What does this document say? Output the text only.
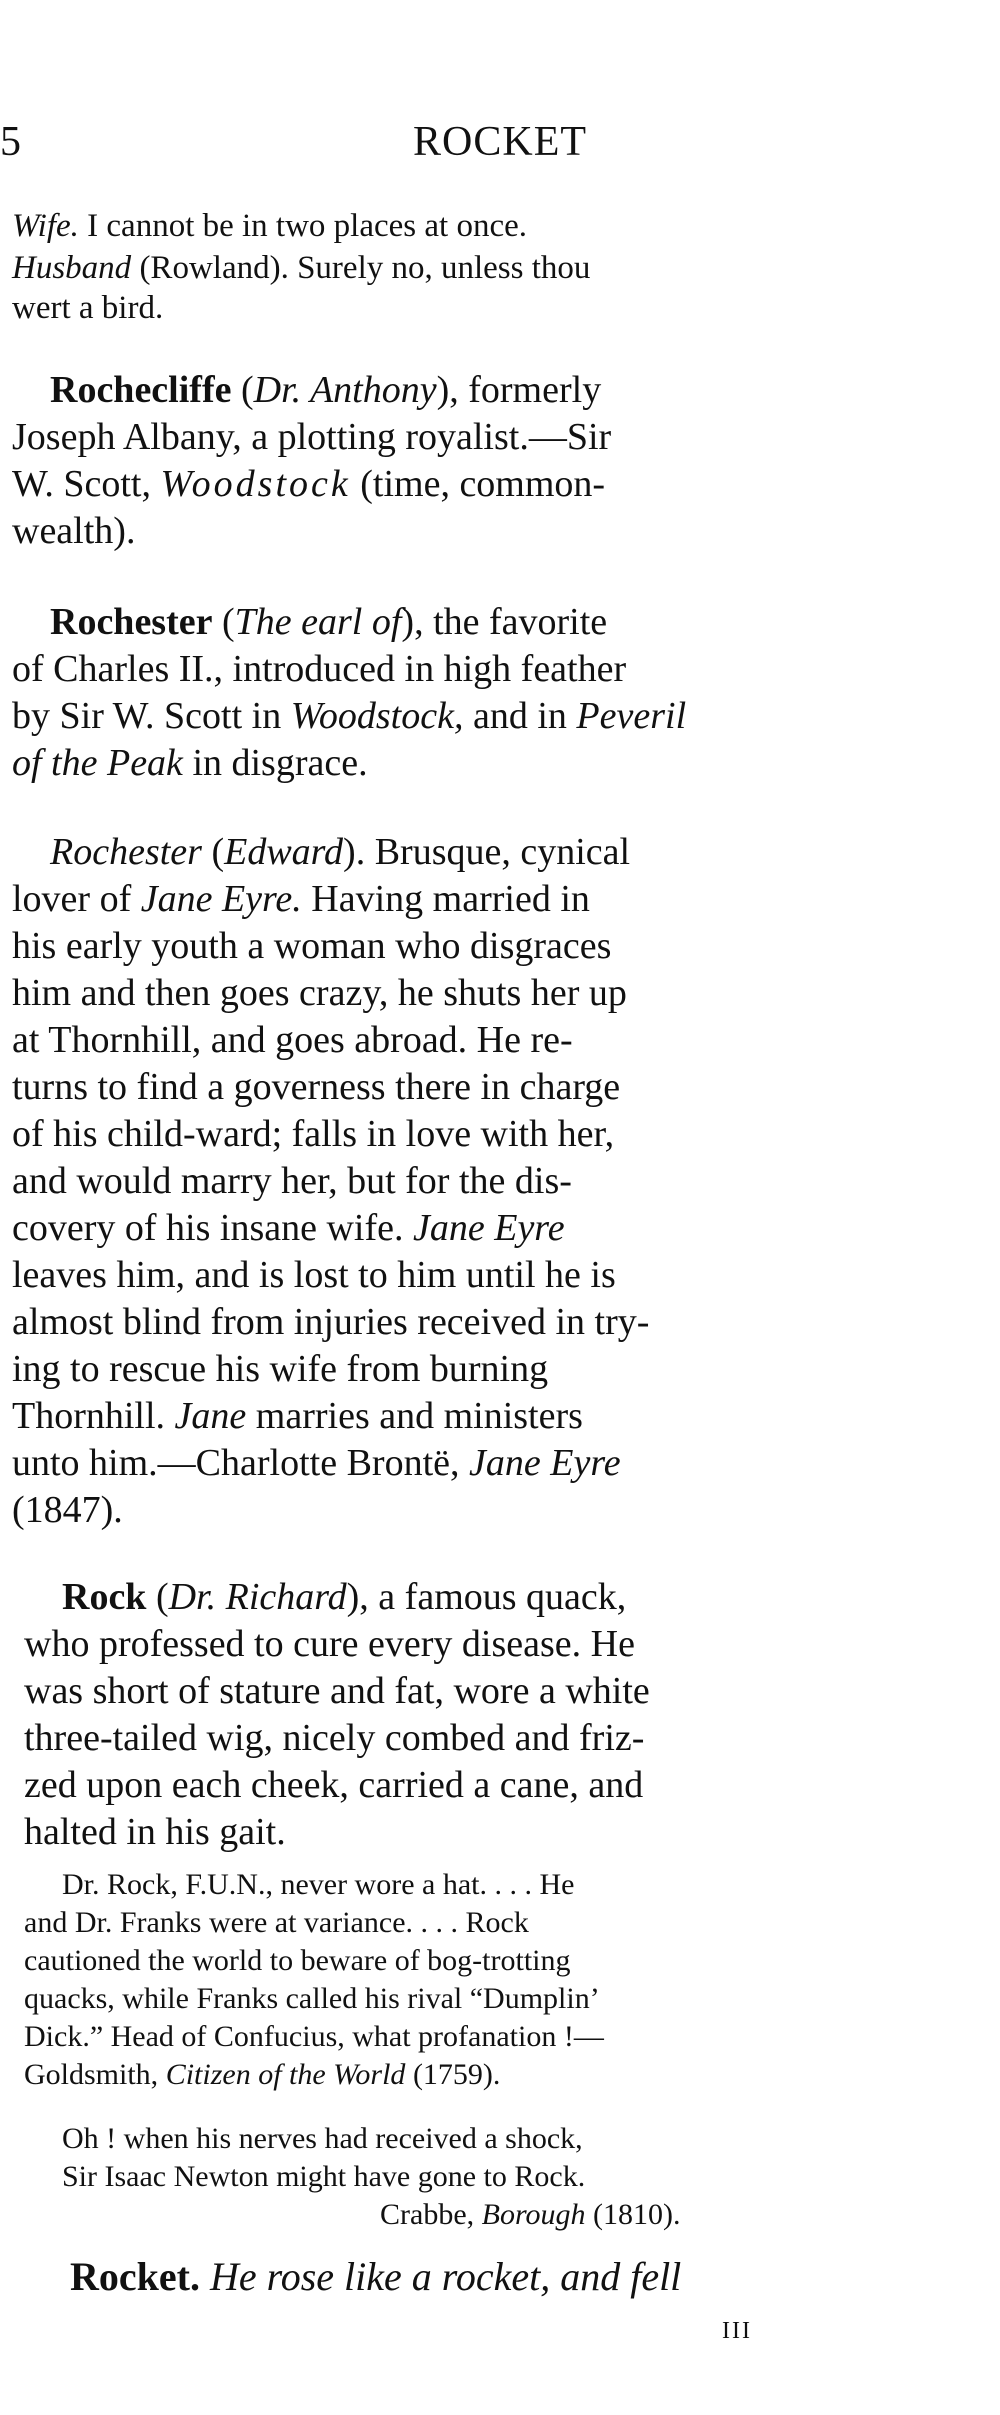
5	ROCKET
Wife. I cannot be in two places at once.
Husband (Rowland). Surely no, unless thou
wert a bird.
Rochecliffe (Dr. Anthony), formerly
Joseph Albany, a plotting royalist.—Sir
W. Scott, Woodstock (time, common-
wealth).
Rochester (The earl of), the favorite
of Charles II., introduced in high feather
by Sir W. Scott in Woodstock, and in Peveril
of the Peak in disgrace.
Rochester (Edward). Brusque, cynical
lover of Jane Eyre. Having married in
his early youth a woman who disgraces
him and then goes crazy, he shuts her up
at Thornhill, and goes abroad. He re-
turns to find a governess there in charge
of his child-ward; falls in love with her,
and would marry her, but for the dis-
covery of his insane wife. Jane Eyre
leaves him, and is lost to him until he is
almost blind from injuries received in try-
ing to rescue his wife from burning
Thornhill. Jane marries and ministers
unto him.—Charlotte Brontë, Jane Eyre
(1847).
Rock (Dr. Richard), a famous quack,
who professed to cure every disease. He
was short of stature and fat, wore a white
three-tailed wig, nicely combed and friz-
zed upon each cheek, carried a cane, and
halted in his gait.
Dr. Rock, F.U.N., never wore a hat. . . . He
and Dr. Franks were at variance. . . . Rock
cautioned the world to beware of bog-trotting
quacks, while Franks called his rival “Dumplin’
Dick.” Head of Confucius, what profanation !—
Goldsmith, Citizen of the World (1759).
Oh ! when his nerves had received a shock,
Sir Isaac Newton might have gone to Rock.
Crabbe, Borough (1810).
Rocket. He rose like a rocket, and fell
III
